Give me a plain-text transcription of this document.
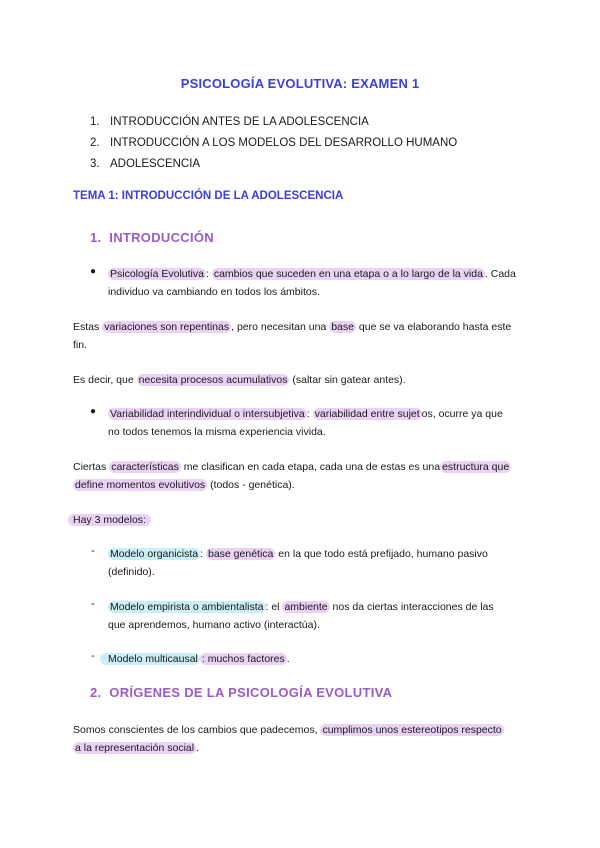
PSICOLOGÍA EVOLUTIVA: EXAMEN 1
1. INTRODUCCIÓN ANTES DE LA ADOLESCENCIA
2. INTRODUCCIÓN A LOS MODELOS DEL DESARROLLO HUMANO
3. ADOLESCENCIA
TEMA 1: INTRODUCCIÓN DE LA ADOLESCENCIA
1. INTRODUCCIÓN
● Psicología Evolutiva : cambios que suceden en una etapa o a lo largo de la vida . Cada
individuo va cambiando en todos los ámbitos.
Estas variaciones son repentinas , pero necesitan una base que se va elaborando hasta este
fin.
Es decir, que necesita procesos acumulativos (saltar sin gatear antes).
● Variabilidad interindividual o intersubjetiva : variabilidad entre sujet os, ocurre ya que
no todos tenemos la misma experiencia vivida.
Ciertas características me clasifican en cada etapa, cada una de estas es una estructura que
define momentos evolutivos (todos - genética).
Hay 3 modelos:
- Modelo organicista : base genética en la que todo está prefijado, humano pasivo
(definido).
- Modelo empirista o ambientalista : el ambiente nos da ciertas interacciones de las
que aprendemos, humano activo (interactúa).
-	Modelo multicausal : muchos factores .
2. ORÍGENES DE LA PSICOLOGÍA EVOLUTIVA
Somos conscientes de los cambios que padecemos, cumplimos unos estereotipos respecto
a la representación social .
